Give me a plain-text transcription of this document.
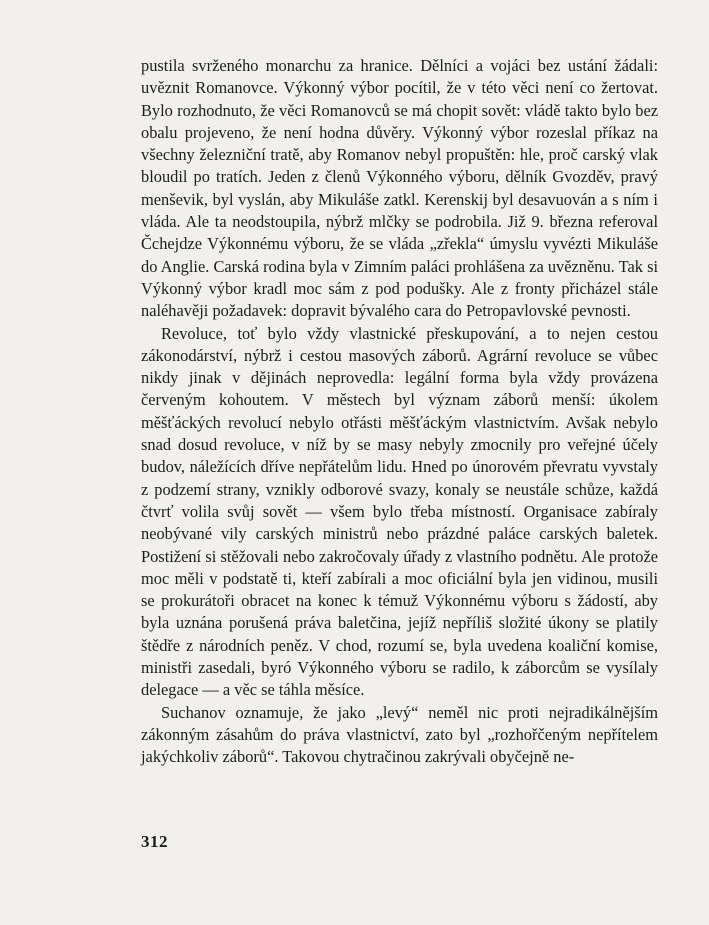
pustila svrženého monarchu za hranice. Dělníci a vojáci bez ustání žádali: uvěznit Romanovce. Výkonný výbor pocítil, že v této věci není co žertovat. Bylo rozhodnuto, že věci Romanovců se má chopit sovět: vládě takto bylo bez obalu projeveno, že není hodna důvěry. Výkonný výbor rozeslal příkaz na všechny železniční tratě, aby Romanov nebyl propuštěn: hle, proč carský vlak bloudil po tratích. Jeden z členů Výkonného výboru, dělník Gvozděv, pravý menševik, byl vyslán, aby Mikuláše zatkl. Kerenskij byl desavuován a s ním i vláda. Ale ta neodstoupila, nýbrž mlčky se podrobila. Již 9. března referoval Čchejdze Výkonnému výboru, že se vláda „zřekla“ úmyslu vyvézti Mikuláše do Anglie. Carská rodina byla v Zimním paláci prohlášena za uvězněnu. Tak si Výkonný výbor kradl moc sám z pod podušky. Ale z fronty přicházel stále naléhavěji požadavek: dopravit bývalého cara do Petropavlovské pevnosti.

Revoluce, toť bylo vždy vlastnické přeskupování, a to nejen cestou zákonodárství, nýbrž i cestou masových záborů. Agrární revoluce se vůbec nikdy jinak v dějinách neprovedla: legální forma byla vždy provázena červeným kohoutem. V městech byl význam záborů menší: úkolem měšťáckých revolucí nebylo otřásti měšťáckým vlastnictvím. Avšak nebylo snad dosud revoluce, v níž by se masy nebyly zmocnily pro veřejné účely budov, náležících dříve nepřátelům lidu. Hned po únorovém převratu vyvstaly z podzemí strany, vznikly odborové svazy, konaly se neustále schůze, každá čtvrť volila svůj sovět — všem bylo třeba místností. Organisace zabíraly neobývané vily carských ministrů nebo prázdné paláce carských baletek. Postižení si stěžovali nebo zakročovaly úřady z vlastního podnětu. Ale protože moc měli v podstatě ti, kteří zabírali a moc oficiální byla jen vidinou, musili se prokurátoři obracet na konec k témuž Výkonnému výboru s žádostí, aby byla uznána porušená práva baletčina, jejíž nepříliš složité úkony se platily štědře z národních peněz. V chod, rozumí se, byla uvedena koaliční komise, ministři zasedali, byró Výkonného výboru se radilo, k záborcům se vysílaly delegace — a věc se táhla měsíce.

Suchanov oznamuje, že jako „levý“ neměl nic proti nejradikálnějším zákonným zásahům do práva vlastnictví, zato byl „rozhořčeným nepřítelem jakýchkoliv záborů“. Takovou chytračinou zakrývali obyčejně ne-

312
